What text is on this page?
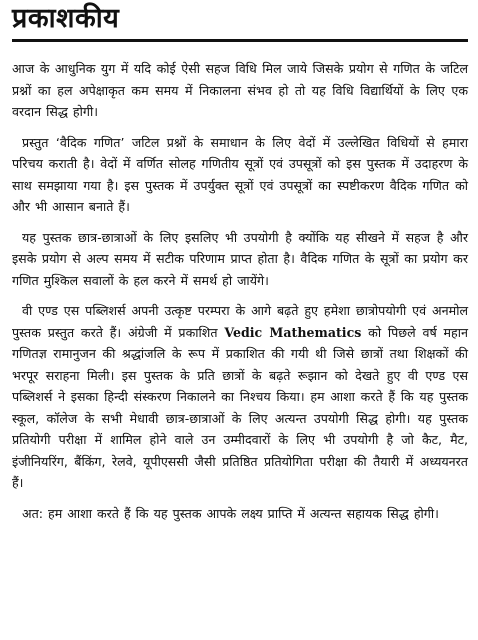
प्रकाशकीय

आज के आधुनिक युग में यदि कोई ऐसी सहज विधि मिल जाये जिसके प्रयोग से गणित के जटिल प्रश्नों का हल अपेक्षाकृत कम समय में निकालना संभव हो तो यह विधि विद्यार्थियों के लिए एक वरदान सिद्ध होगी।

प्रस्तुत ‘वैदिक गणित’ जटिल प्रश्नों के समाधान के लिए वेदों में उल्लेखित विधियों से हमारा परिचय कराती है। वेदों में वर्णित सोलह गणितीय सूत्रों एवं उपसूत्रों को इस पुस्तक में उदाहरण के साथ समझाया गया है। इस पुस्तक में उपर्युक्त सूत्रों एवं उपसूत्रों का स्पष्टीकरण वैदिक गणित को और भी आसान बनाते हैं।

यह पुस्तक छात्र-छात्राओं के लिए इसलिए भी उपयोगी है क्योंकि यह सीखने में सहज है और इसके प्रयोग से अल्प समय में सटीक परिणाम प्राप्त होता है। वैदिक गणित के सूत्रों का प्रयोग कर गणित मुश्किल सवालों के हल करने में समर्थ हो जायेंगे।

वी एण्ड एस पब्लिशर्स अपनी उत्कृष्ट परम्परा के आगे बढ़ते हुए हमेशा छात्रोपयोगी एवं अनमोल पुस्तक प्रस्तुत करते हैं। अंग्रेजी में प्रकाशित Vedic Mathematics को पिछले वर्ष महान गणितज्ञ रामानुजन की श्रद्धांजलि के रूप में प्रकाशित की गयी थी जिसे छात्रों तथा शिक्षकों की भरपूर सराहना मिली। इस पुस्तक के प्रति छात्रों के बढ़ते रूझान को देखते हुए वी एण्ड एस पब्लिशर्स ने इसका हिन्दी संस्करण निकालने का निश्चय किया। हम आशा करते हैं कि यह पुस्तक स्कूल, कॉलेज के सभी मेधावी छात्र-छात्राओं के लिए अत्यन्त उपयोगी सिद्ध होगी। यह पुस्तक प्रतियोगी परीक्षा में शामिल होने वाले उन उम्मीदवारों के लिए भी उपयोगी है जो कैट, मैट, इंजीनियरिंग, बैंकिंग, रेलवे, यूपीएससी जैसी प्रतिष्ठित प्रतियोगिता परीक्षा की तैयारी में अध्ययनरत हैं।

अत: हम आशा करते हैं कि यह पुस्तक आपके लक्ष्य प्राप्ति में अत्यन्त सहायक सिद्ध होगी।
